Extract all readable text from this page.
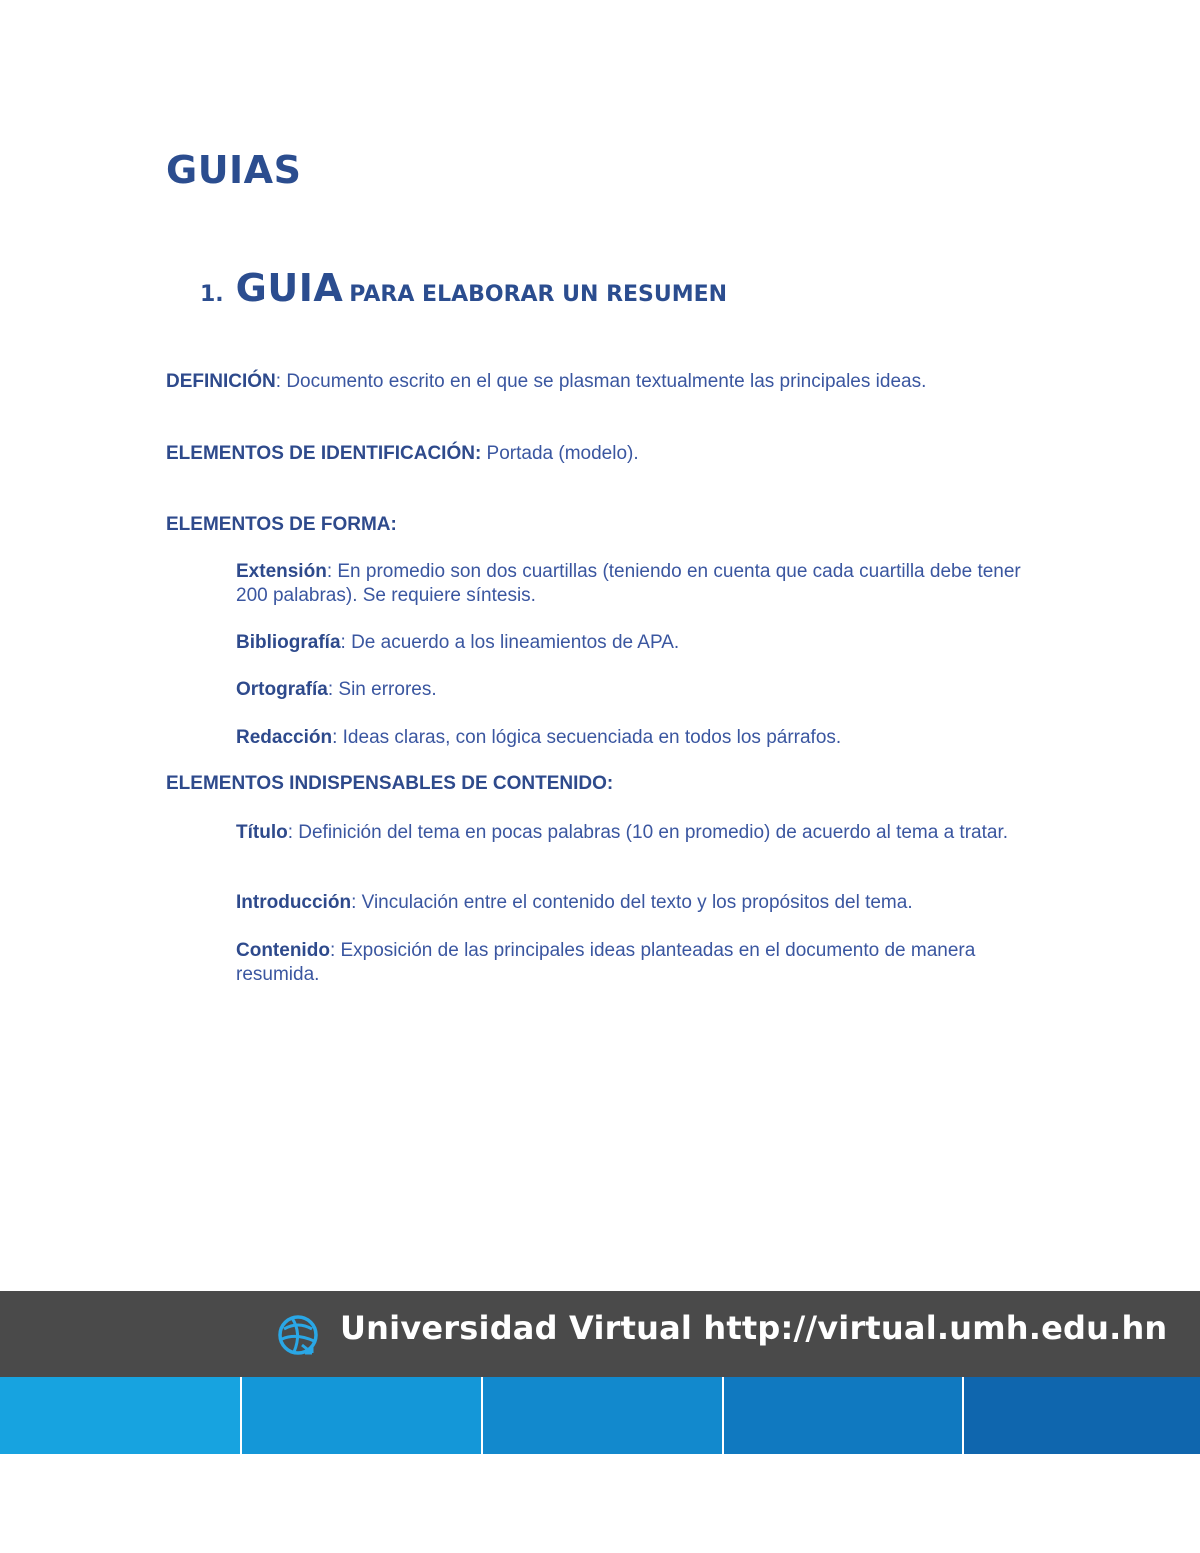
GUIAS
1. GUIA PARA ELABORAR UN RESUMEN
DEFINICIÓN: Documento escrito en el que se plasman textualmente las principales ideas.
ELEMENTOS DE IDENTIFICACIÓN: Portada (modelo).
ELEMENTOS DE FORMA:
Extensión: En promedio son dos cuartillas (teniendo en cuenta que cada cuartilla debe tener 200 palabras). Se requiere síntesis.
Bibliografía: De acuerdo a los lineamientos de APA.
Ortografía: Sin errores.
Redacción: Ideas claras, con lógica secuenciada en todos los párrafos.
ELEMENTOS INDISPENSABLES DE CONTENIDO:
Título: Definición del tema en pocas palabras (10 en promedio) de acuerdo al tema a tratar.
Introducción: Vinculación entre el contenido del texto y los propósitos del tema.
Contenido: Exposición de las principales ideas planteadas en el documento de manera resumida.
Universidad Virtual http://virtual.umh.edu.hn
